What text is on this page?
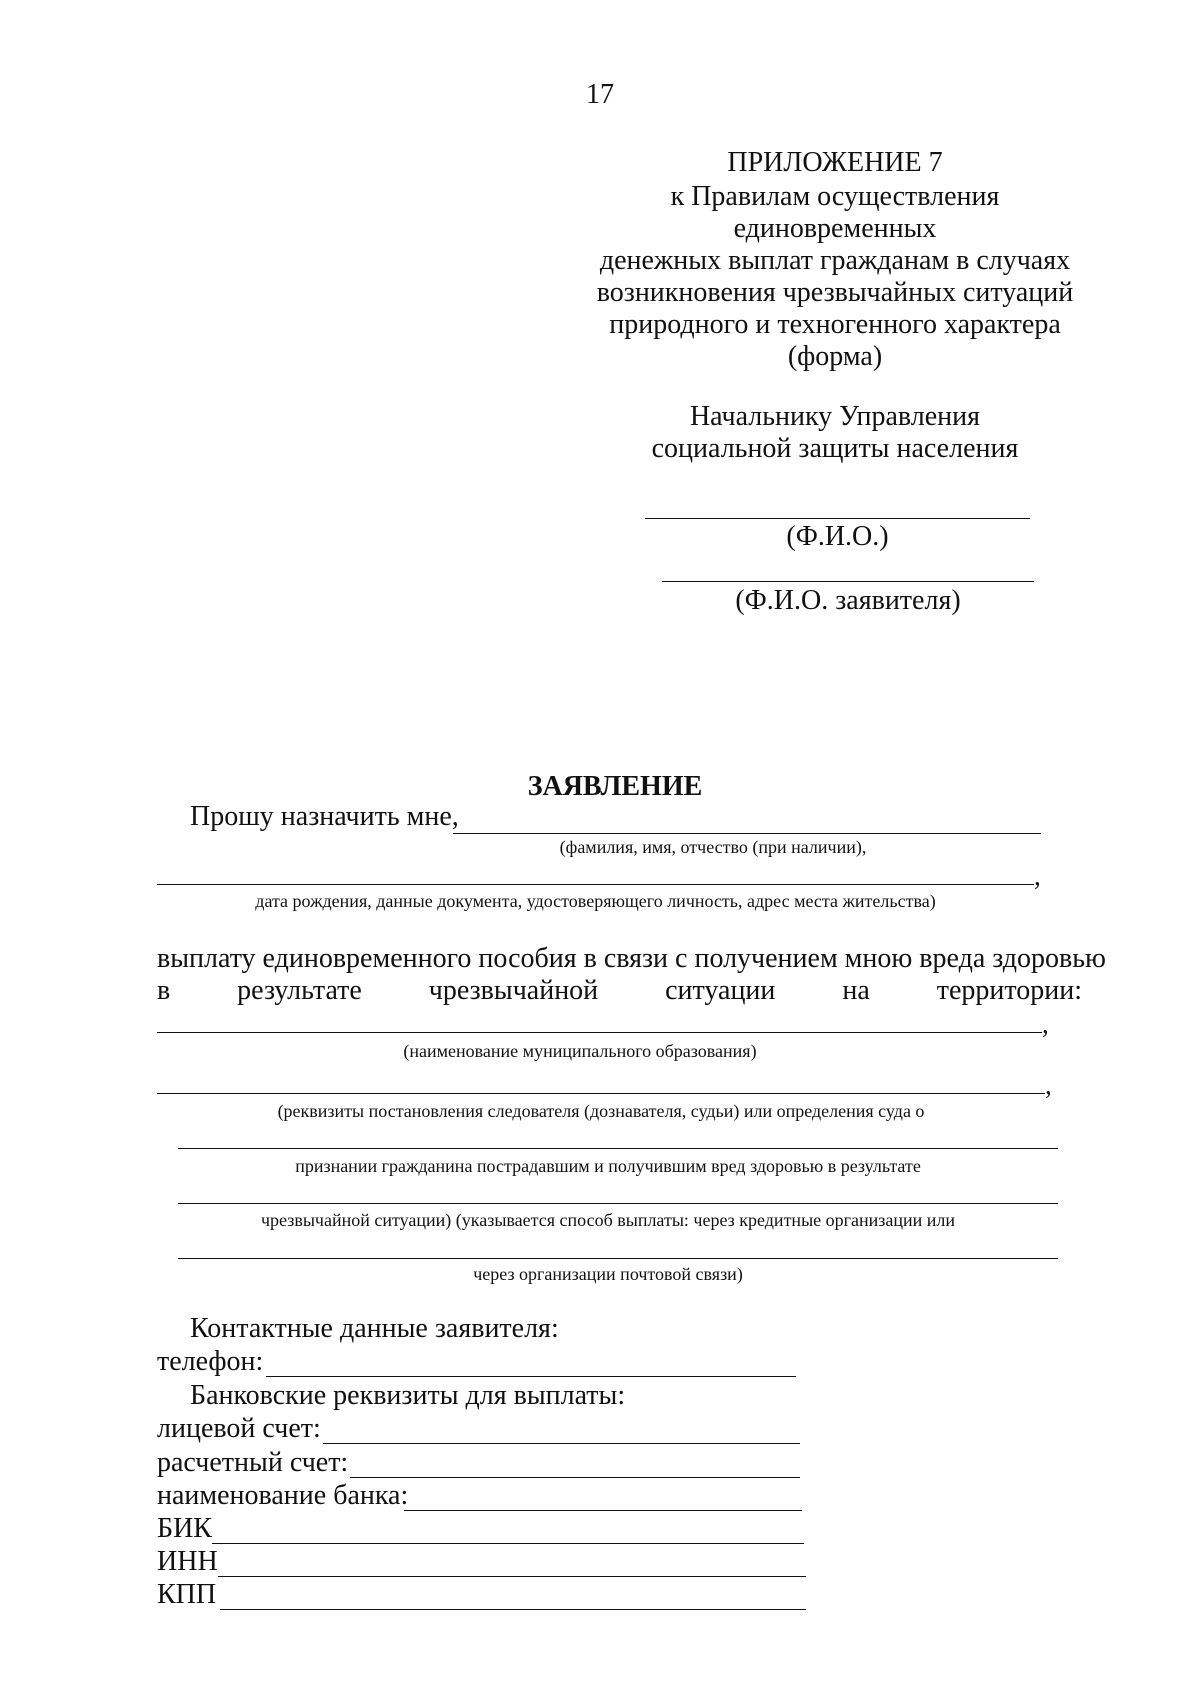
17
ПРИЛОЖЕНИЕ 7
к Правилам осуществления
единовременных
денежных выплат гражданам в случаях
возникновения чрезвычайных ситуаций
природного и техногенного характера
(форма)
Начальнику Управления
социальной защиты населения
(Ф.И.О.)
(Ф.И.О. заявителя)
ЗАЯВЛЕНИЕ
Прошу назначить мне,
(фамилия, имя, отчество (при наличии),
,
дата рождения, данные документа, удостоверяющего личность, адрес места жительства)
выплату единовременного пособия в связи с получением мною вреда здоровью
в результате чрезвычайной ситуации на территории:
,
(наименование муниципального образования)
,
(реквизиты постановления следователя (дознавателя, судьи) или определения суда о
признании гражданина пострадавшим и получившим вред здоровью в результате
чрезвычайной ситуации) (указывается способ выплаты: через кредитные организации или
через организации почтовой связи)
Контактные данные заявителя:
телефон:
Банковские реквизиты для выплаты:
лицевой счет:
расчетный счет:
наименование банка:
БИК
ИНН
КПП
